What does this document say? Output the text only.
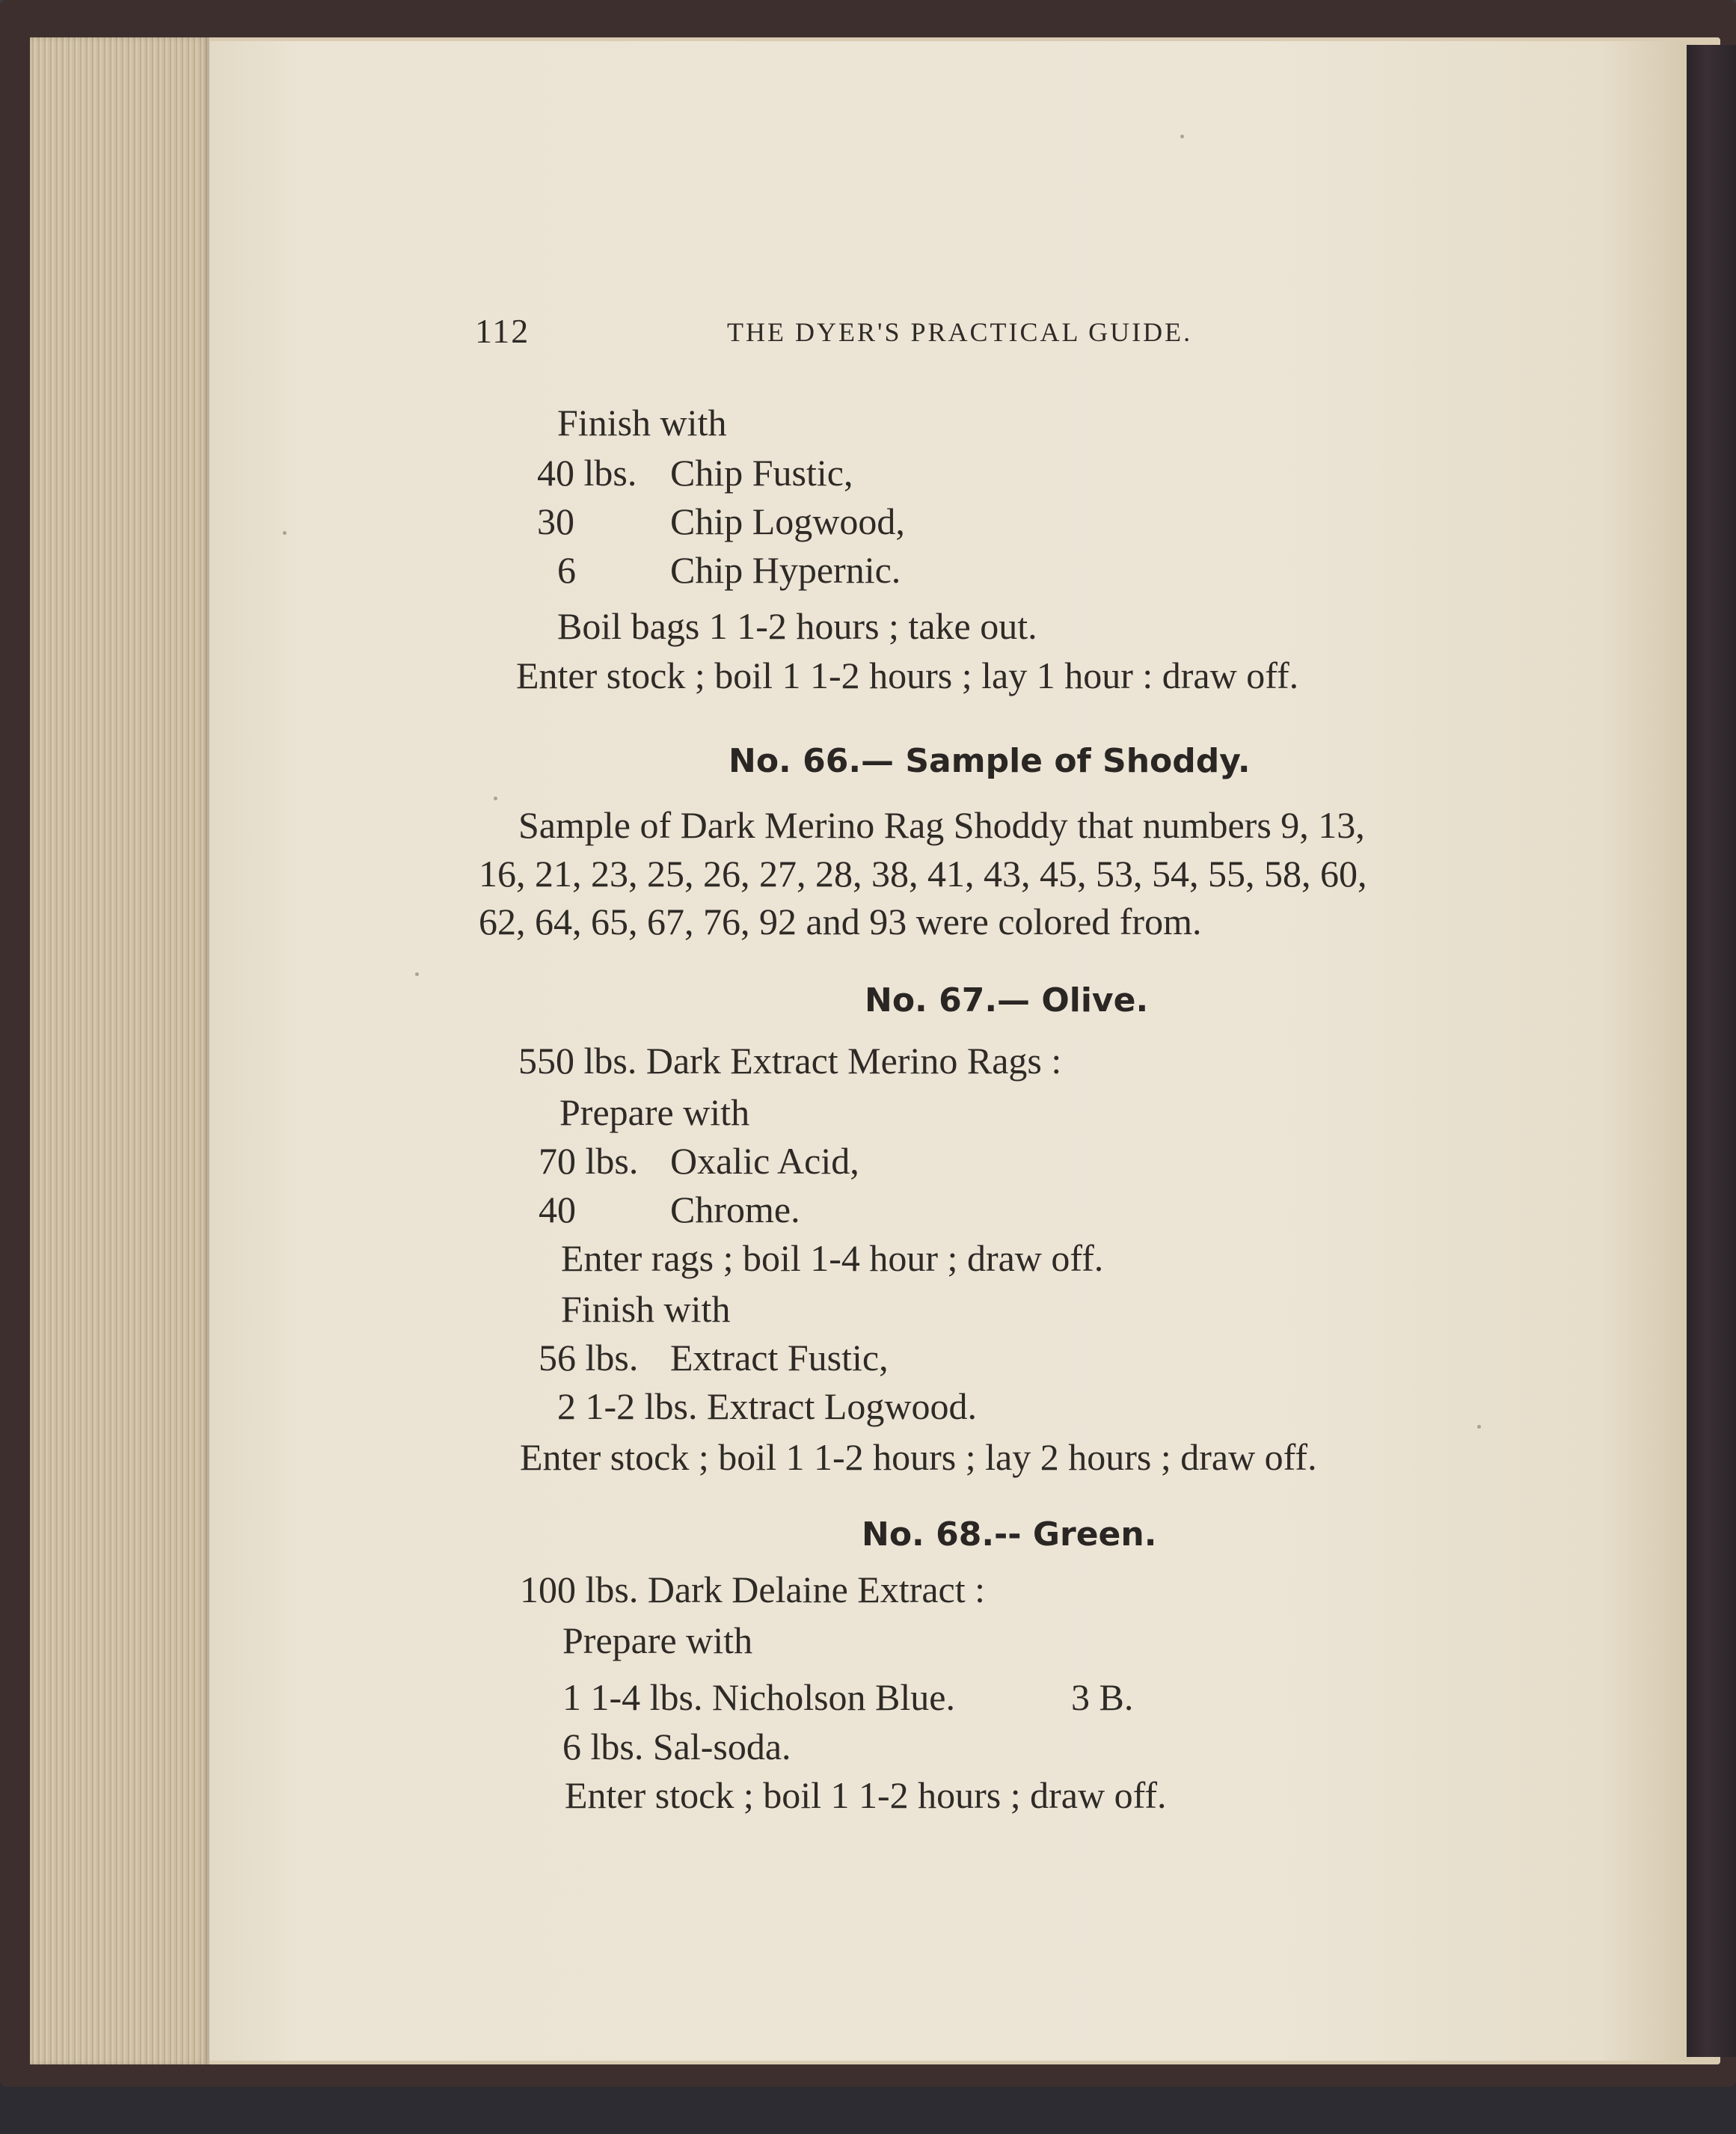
112	THE DYER'S PRACTICAL GUIDE.
Finish with
40 lbs. Chip Fustic,
30	Chip Logwood,
6	Chip Hypernic.
Boil bags 1 1-2 hours ; take out.
Enter stock ; boil 1 1-2 hours ; lay 1 hour : draw off.
No. 66.— Sample of Shoddy.
Sample of Dark Merino Rag Shoddy that numbers 9, 13,
16, 21, 23, 25, 26, 27, 28, 38, 41, 43, 45, 53, 54, 55, 58, 60,
62, 64, 65, 67, 76, 92 and 93 were colored from.
No. 67.— Olive.
550 lbs. Dark Extract Merino Rags :
Prepare with
70 lbs. Oxalic Acid,
40	Chrome.
Enter rags ; boil 1-4 hour ; draw off.
Finish with
56 lbs. Extract Fustic,
2 1-2 lbs. Extract Logwood.
Enter stock ; boil 1 1-2 hours ; lay 2 hours ; draw off.
No. 68.-- Green.
100 lbs. Dark Delaine Extract :
Prepare with
1 1-4 lbs. Nicholson Blue.	3 B.
6 lbs. Sal-soda.
Enter stock ; boil 1 1-2 hours ; draw off.
